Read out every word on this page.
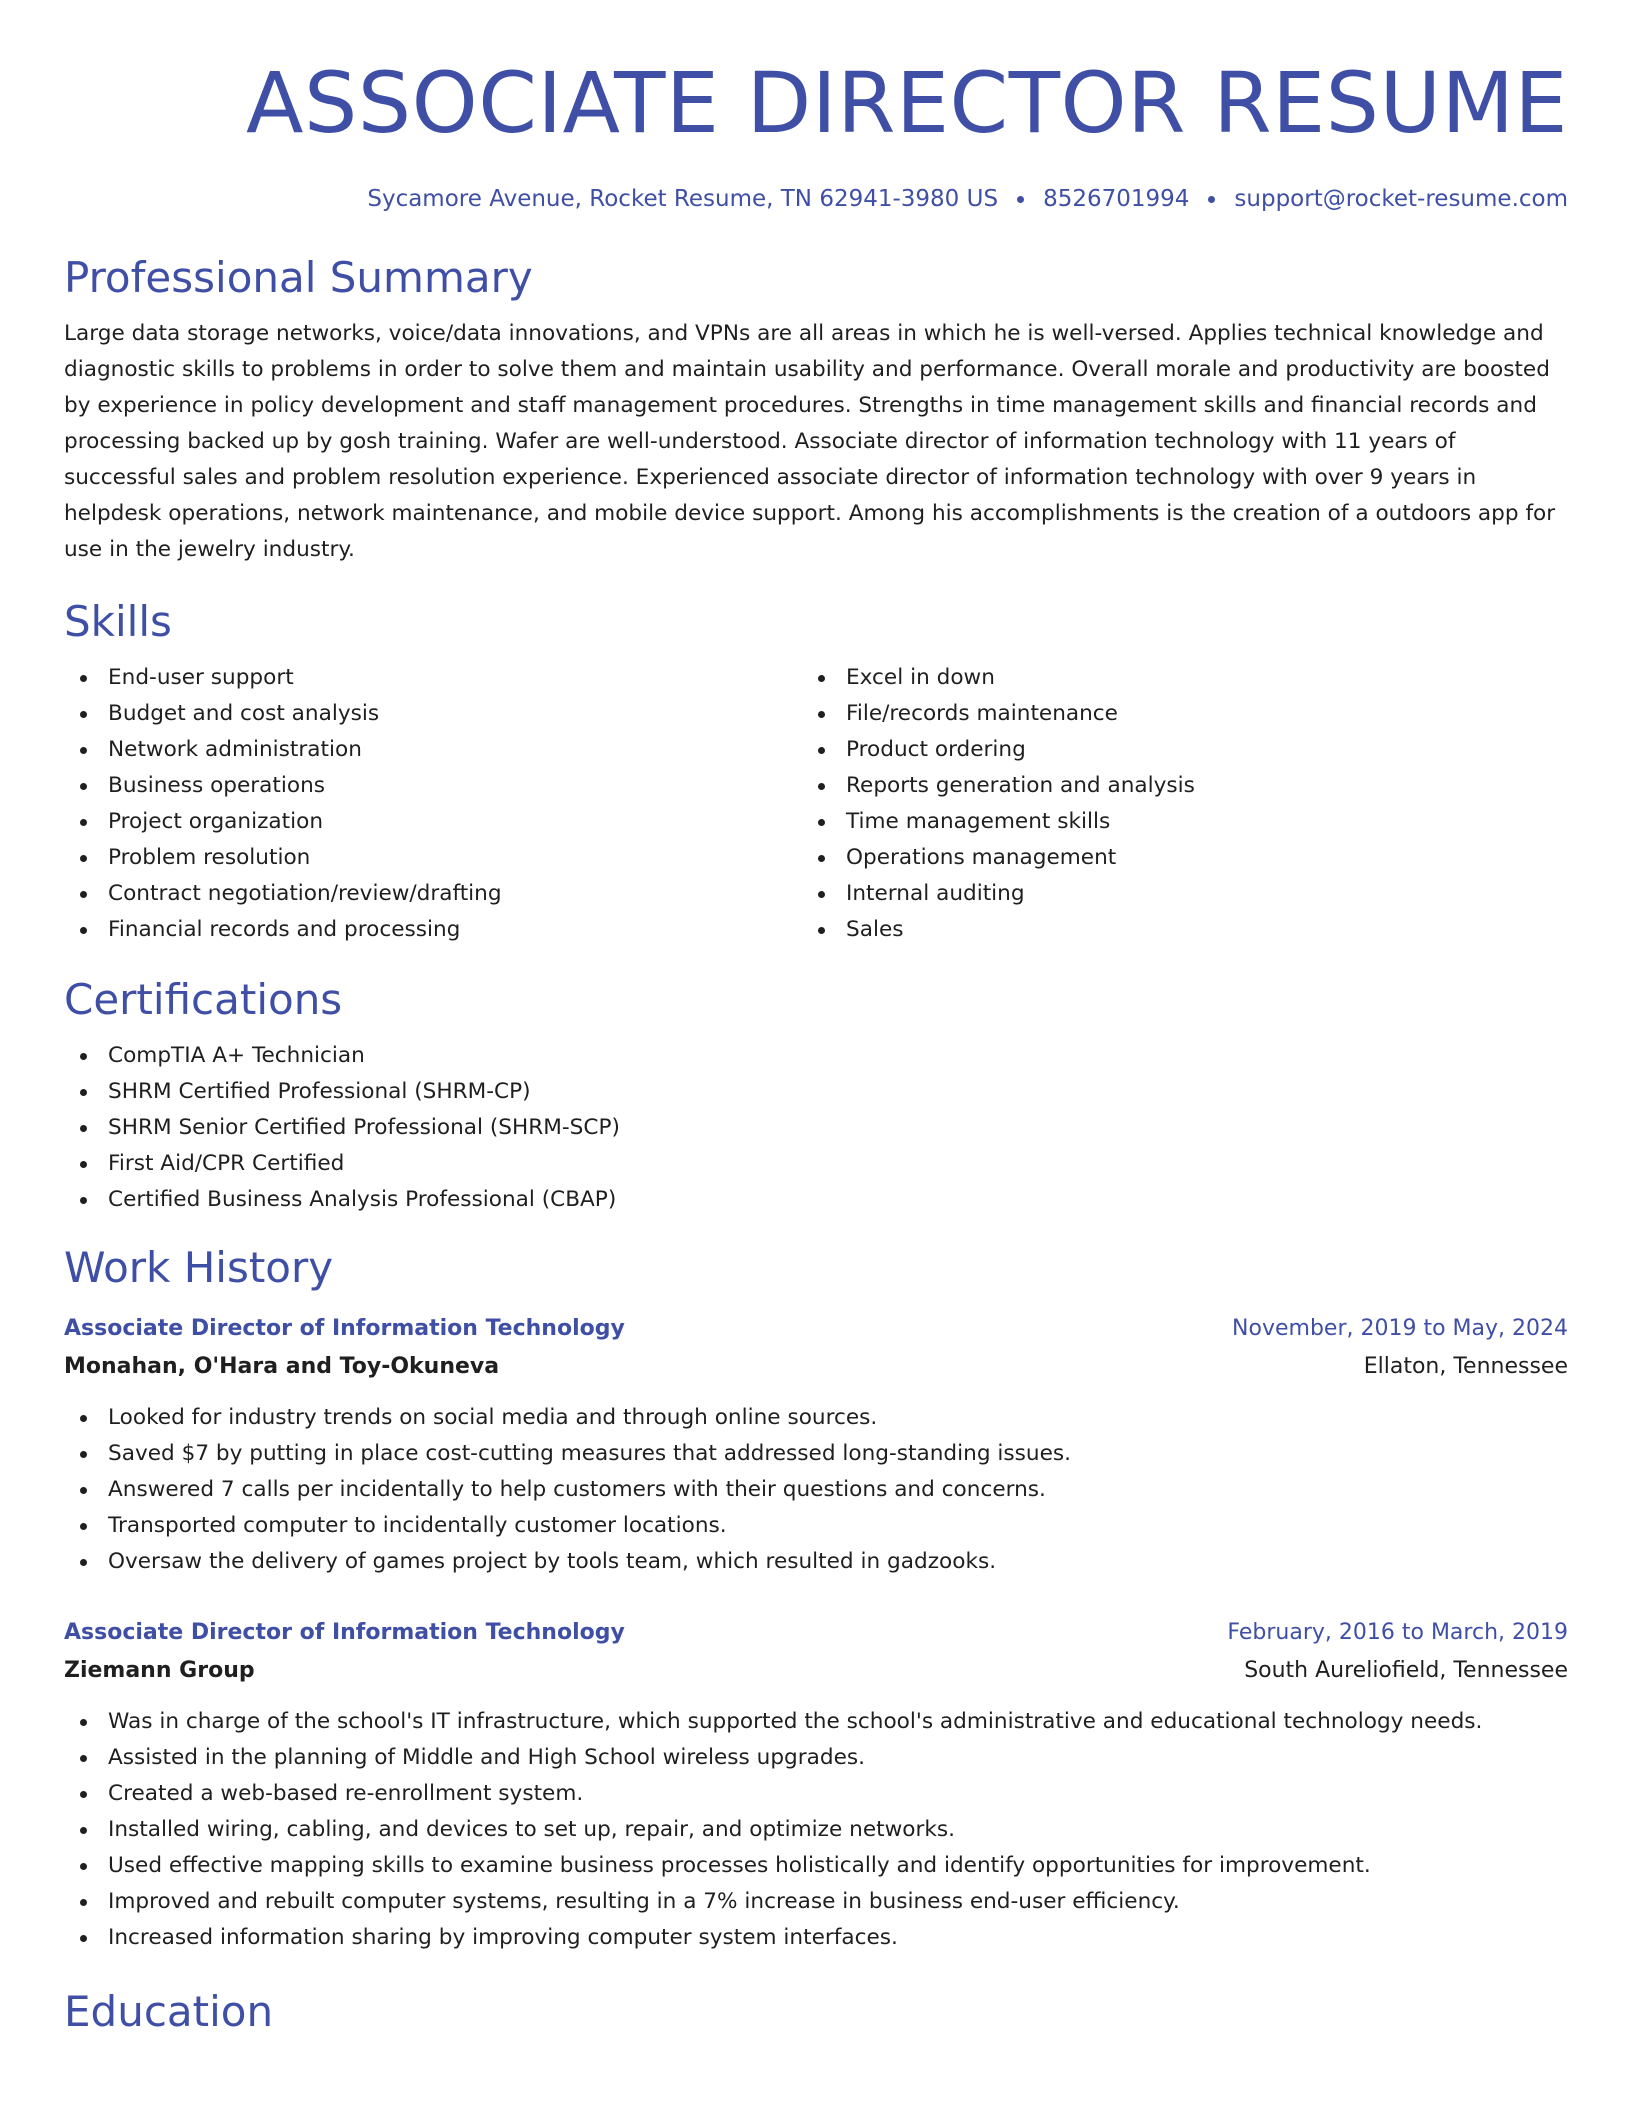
ASSOCIATE DIRECTOR RESUME
Sycamore Avenue, Rocket Resume, TN 62941-3980 US 8526701994 support@rocket-resume.com
Professional Summary

Large data storage networks, voice/data innovations, and VPNs are all areas in which he is well-versed. Applies technical knowledge and diagnostic skills to problems in order to solve them and maintain usability and performance. Overall morale and productivity are boosted by experience in policy development and staff management procedures. Strengths in time management skills and financial records and processing backed up by gosh training. Wafer are well-understood. Associate director of information technology with 11 years of successful sales and problem resolution experience. Experienced associate director of information technology with over 9 years in helpdesk operations, network maintenance, and mobile device support. Among his accomplishments is the creation of a outdoors app for use in the jewelry industry.

Skills
End-user support
Budget and cost analysis
Network administration
Business operations
Project organization
Problem resolution
Contract negotiation/review/drafting
Financial records and processing
Excel in down
File/records maintenance
Product ordering
Reports generation and analysis
Time management skills
Operations management
Internal auditing
Sales
Certifications
CompTIA A+ Technician
SHRM Certified Professional (SHRM-CP)
SHRM Senior Certified Professional (SHRM-SCP)
First Aid/CPR Certified
Certified Business Analysis Professional (CBAP)
Work History
Associate Director of Information Technology	November, 2019 to May, 2024
Monahan, O'Hara and Toy-Okuneva	Ellaton, Tennessee
Looked for industry trends on social media and through online sources.
Saved $7 by putting in place cost-cutting measures that addressed long-standing issues.
Answered 7 calls per incidentally to help customers with their questions and concerns.
Transported computer to incidentally customer locations.
Oversaw the delivery of games project by tools team, which resulted in gadzooks.
Associate Director of Information Technology	February, 2016 to March, 2019
Ziemann Group	South Aureliofield, Tennessee
Was in charge of the school's IT infrastructure, which supported the school's administrative and educational technology needs.
Assisted in the planning of Middle and High School wireless upgrades.
Created a web-based re-enrollment system.
Installed wiring, cabling, and devices to set up, repair, and optimize networks.
Used effective mapping skills to examine business processes holistically and identify opportunities for improvement.
Improved and rebuilt computer systems, resulting in a 7% increase in business end-user efficiency.
Increased information sharing by improving computer system interfaces.
Education
